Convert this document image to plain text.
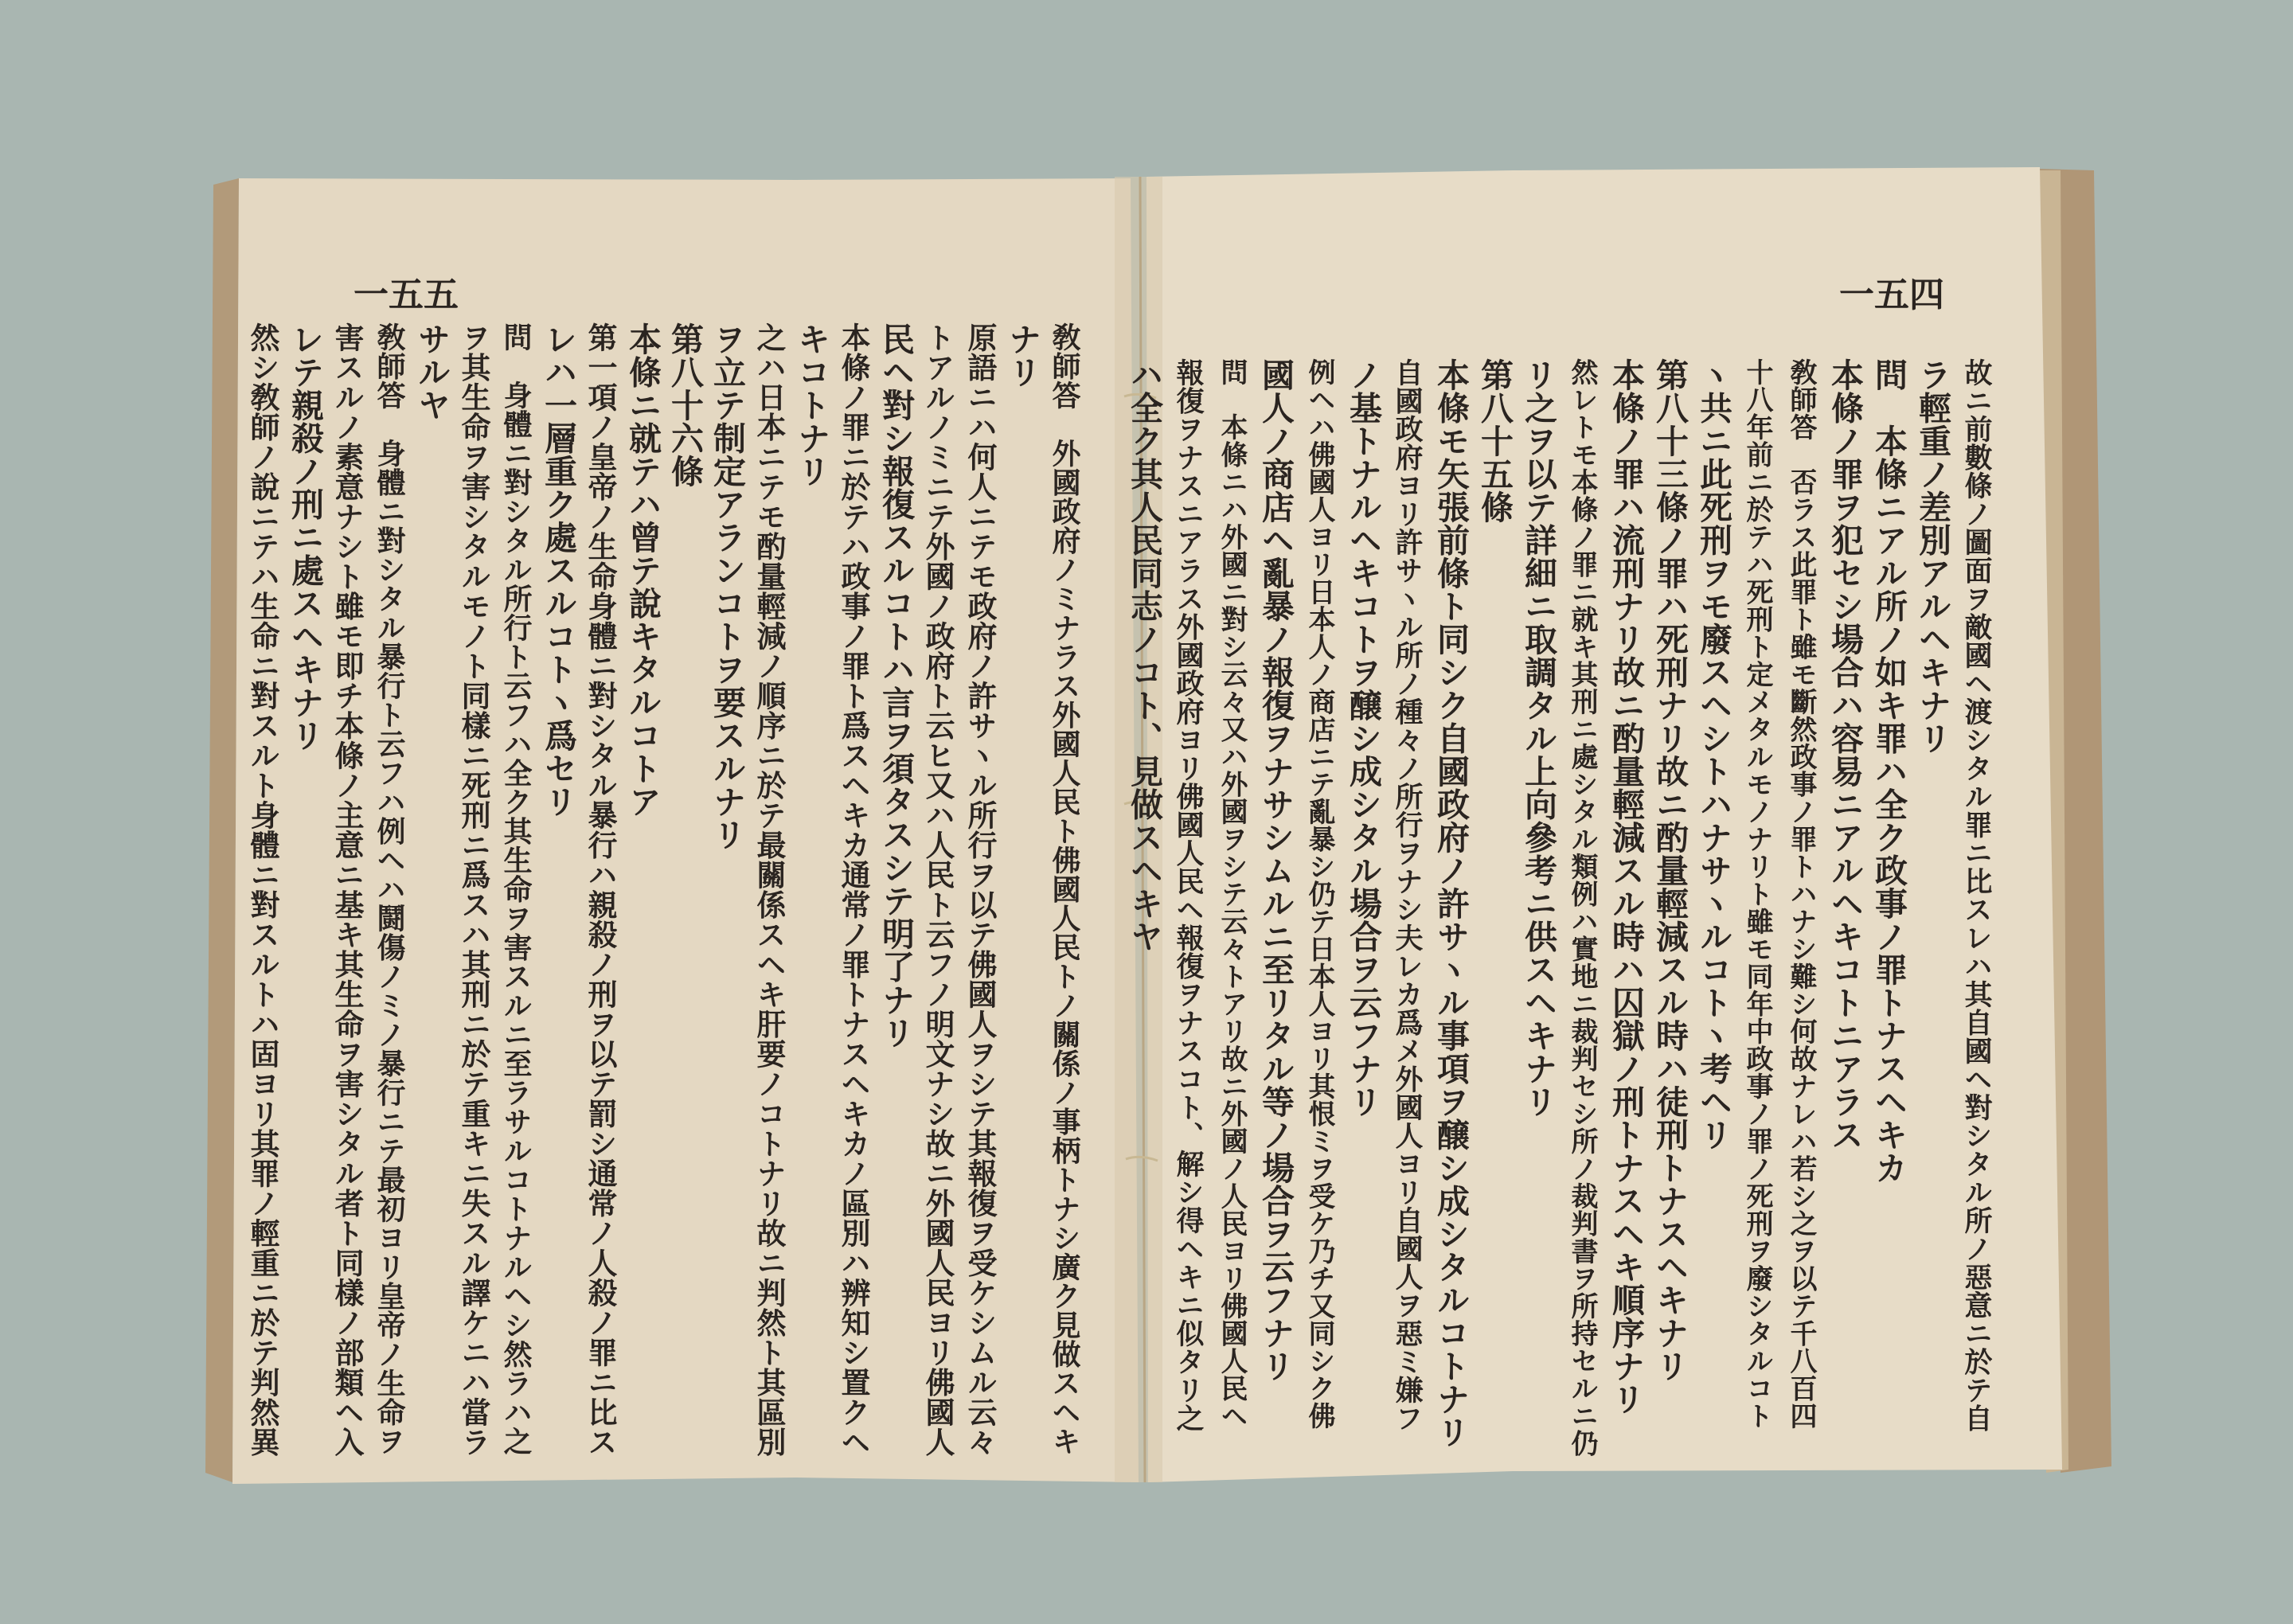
一五五	一五四
敎師答　外國政府ノミナラス外國人民ト佛國人民トノ關係ノ事柄トナシ廣ク見做スヘキ
ナリ
原語ニハ何人ニテモ政府ノ許サヽル所行ヲ以テ佛國人ヲシテ其報復ヲ受ケシムル云々
トアルノミニテ外國ノ政府ト云ヒ又ハ人民ト云フノ明文ナシ故ニ外國人民ヨリ佛國人
民ヘ對シ報復スルコトハ言ヲ須タスシテ明了ナリ
本條ノ罪ニ於テハ政事ノ罪ト爲スヘキカ通常ノ罪トナスヘキカノ區別ハ辨知シ置クヘ
キコトナリ
之ハ日本ニテモ酌量輕減ノ順序ニ於テ最關係スヘキ肝要ノコトナリ故ニ判然ト其區別
ヲ立テ制定アランコトヲ要スルナリ
第八十六條
本條ニ就テハ曾テ說キタルコトア
第一項ノ皇帝ノ生命身體ニ對シタル暴行ハ親殺ノ刑ヲ以テ罰シ通常ノ人殺ノ罪ニ比ス
レハ一層重ク處スルコトヽ爲セリ
問　身體ニ對シタル所行ト云フハ全ク其生命ヲ害スルニ至ラサルコトナルヘシ然ラハ之
ヲ其生命ヲ害シタルモノト同樣ニ死刑ニ爲スハ其刑ニ於テ重キニ失スル譯ケニハ當ラ
サルヤ
敎師答　身體ニ對シタル暴行ト云フハ例ヘハ鬪傷ノミノ暴行ニテ最初ヨリ皇帝ノ生命ヲ
害スルノ素意ナシト雖モ即チ本條ノ主意ニ基キ其生命ヲ害シタル者ト同樣ノ部類ヘ入
レテ親殺ノ刑ニ處スヘキナリ
然シ敎師ノ說ニテハ生命ニ對スルト身體ニ對スルトハ固ヨリ其罪ノ輕重ニ於テ判然異	故ニ前數條ノ圖面ヲ敵國ヘ渡シタル罪ニ比スレハ其自國ヘ對シタル所ノ惡意ニ於テ自
ラ輕重ノ差別アルヘキナリ
問　本條ニアル所ノ如キ罪ハ全ク政事ノ罪トナスヘキカ
本條ノ罪ヲ犯セシ場合ハ容易ニアルヘキコトニアラス
敎師答　否ラス此罪ト雖モ斷然政事ノ罪トハナシ難シ何故ナレハ若シ之ヲ以テ千八百四
十八年前ニ於テハ死刑ト定メタルモノナリト雖モ同年中政事ノ罪ノ死刑ヲ廢シタルコト
ヽ共ニ此死刑ヲモ廢スヘシトハナサヽルコトヽ考ヘリ
第八十三條ノ罪ハ死刑ナリ故ニ酌量輕減スル時ハ徒刑トナスヘキナリ
本條ノ罪ハ流刑ナリ故ニ酌量輕減スル時ハ囚獄ノ刑トナスヘキ順序ナリ
然レトモ本條ノ罪ニ就キ其刑ニ處シタル類例ハ實地ニ裁判セシ所ノ裁判書ヲ所持セルニ仍
リ之ヲ以テ詳細ニ取調タル上向參考ニ供スヘキナリ
第八十五條
本條モ矢張前條ト同シク自國政府ノ許サヽル事項ヲ醸シ成シタルコトナリ
自國政府ヨリ許サヽル所ノ種々ノ所行ヲナシ夫レカ爲メ外國人ヨリ自國人ヲ惡ミ嫌フ
ノ基トナルヘキコトヲ醸シ成シタル場合ヲ云フナリ
例ヘハ佛國人ヨリ日本人ノ商店ニテ亂暴シ仍テ日本人ヨリ其恨ミヲ受ケ乃チ又同シク佛
國人ノ商店ヘ亂暴ノ報復ヲナサシムルニ至リタル等ノ場合ヲ云フナリ
問　本條ニハ外國ニ對シ云々又ハ外國ヲシテ云々トアリ故ニ外國ノ人民ヨリ佛國人民ヘ
報復ヲナスニアラス外國政府ヨリ佛國人民ヘ報復ヲナスコト、解シ得ヘキニ似タリ之
ハ全ク其人民同志ノコト、見做スヘキヤ
